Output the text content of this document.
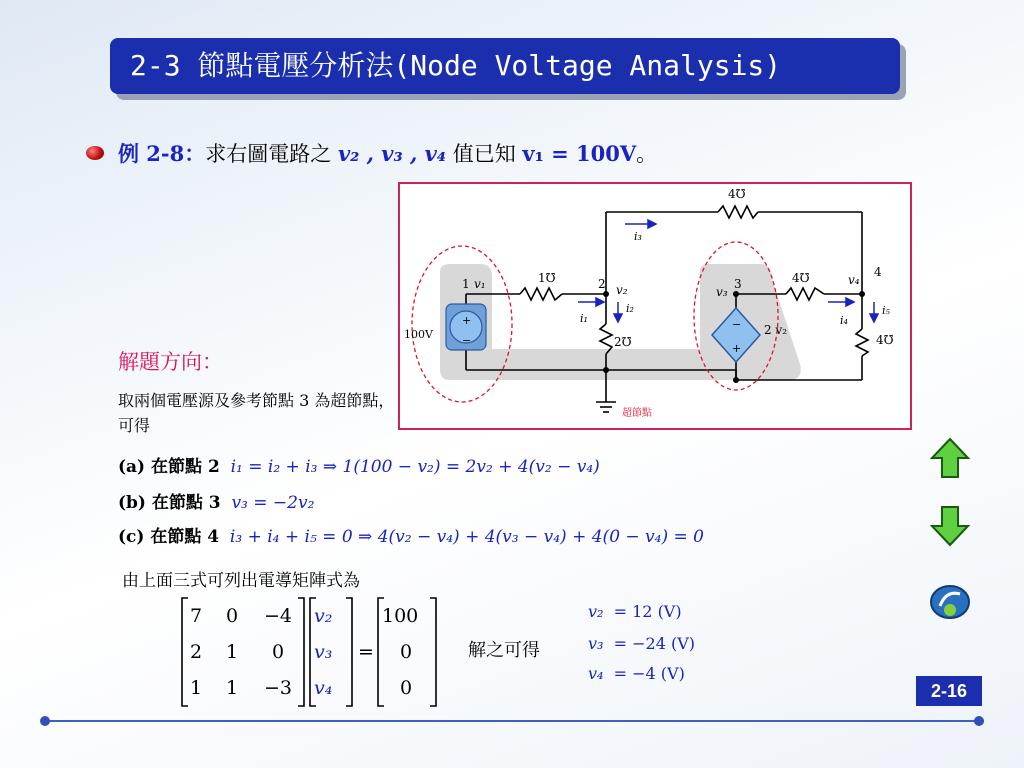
2-3 節點電壓分析法(Node Voltage Analysis)
例 2-8：求右圖電路之 v₂ , v₃ , v₄ 值已知 v₁ = 100V。
4℧
1℧
2℧
4℧
4℧
100V	2 v₂
1 v₁	2 v₂	3
v₃
4
v₄
i₃
i₁
i₂
i₄
i₅
+
−
−
+
超節點
解題方向：
取兩個電壓源及參考節點 3 為超節點，可得
(a) 在節點 2 i₁ = i₂ + i₃ ⇒ 1(100 − v₂) = 2v₂ + 4(v₂ − v₄)
(b) 在節點 3 v₃ = −2v₂
(c) 在節點 4 i₃ + i₄ + i₅ = 0 ⇒ 4(v₂ − v₄) + 4(v₃ − v₄) + 4(0 − v₄) = 0
由上面三式可列出電導矩陣式為
7 0 −4
2 1 0
1 1 −3
v₂
v₃
v₄
=
100
0
0
解之可得
v₂ = 12 (V)
v₃ = −24 (V)
v₄ = −4 (V)
2-16
